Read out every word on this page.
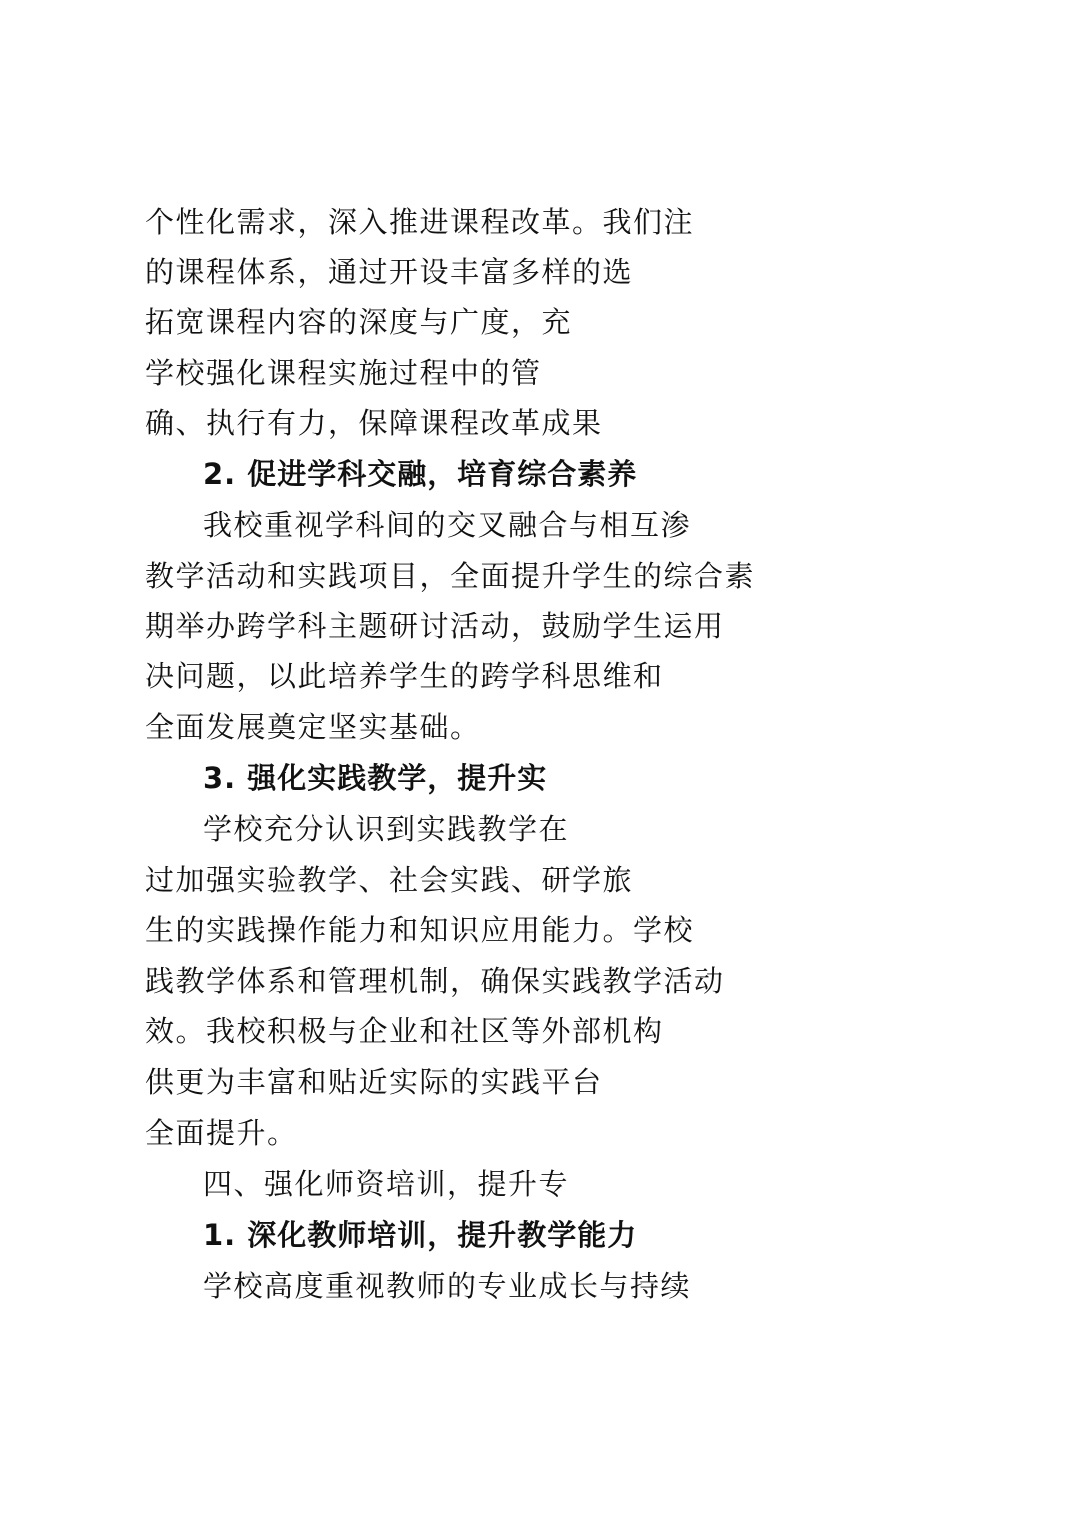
个性化需求，深入推进课程改革。我们注
的课程体系，通过开设丰富多样的选
拓宽课程内容的深度与广度，充
学校强化课程实施过程中的管
确、执行有力，保障课程改革成果
2. 促进学科交融，培育综合素养
我校重视学科间的交叉融合与相互渗
教学活动和实践项目，全面提升学生的综合素
期举办跨学科主题研讨活动，鼓励学生运用
决问题，以此培养学生的跨学科思维和
全面发展奠定坚实基础。
3. 强化实践教学，提升实
学校充分认识到实践教学在
过加强实验教学、社会实践、研学旅
生的实践操作能力和知识应用能力。学校
践教学体系和管理机制，确保实践教学活动
效。我校积极与企业和社区等外部机构
供更为丰富和贴近实际的实践平台
全面提升。
四、强化师资培训，提升专
1. 深化教师培训，提升教学能力
学校高度重视教师的专业成长与持续
